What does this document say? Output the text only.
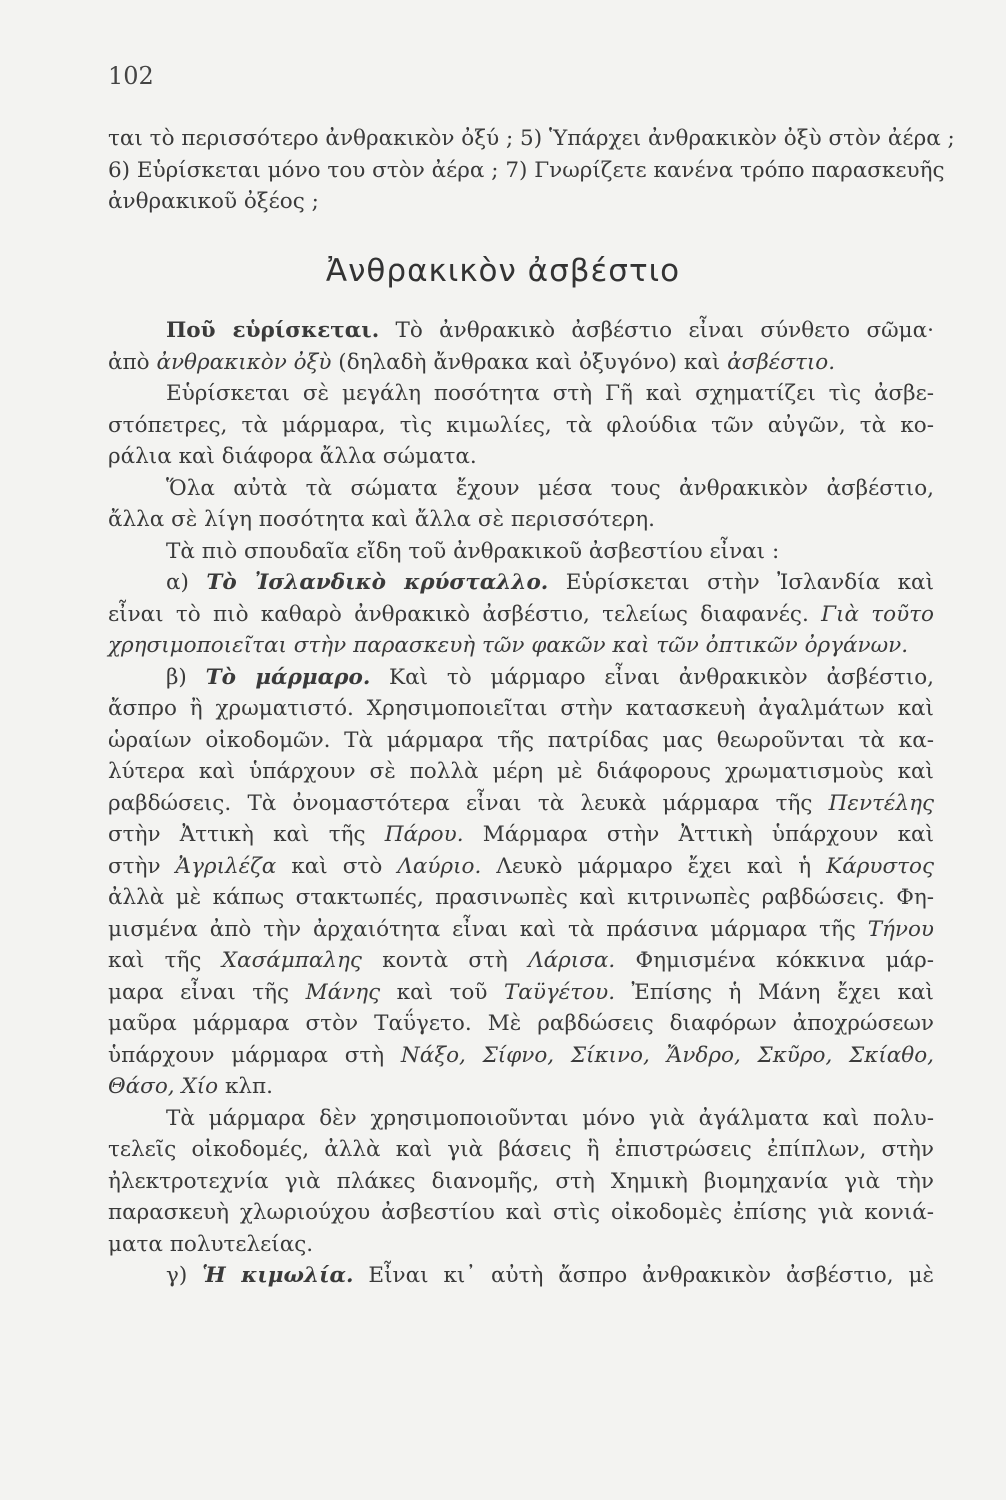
102
ται τὸ περισσότερο ἀνθρακικὸν ὀξύ ; 5) Ὑπάρχει ἀνθρακικὸν ὀξὺ στὸν ἀέρα ;
6) Εὑρίσκεται μόνο του στὸν ἀέρα ; 7) Γνωρίζετε κανένα τρόπο παρασκευῆς
ἀνθρακικοῦ ὀξέος ;
Ἀνθρακικὸν ἀσβέστιο
Ποῦ εὑρίσκεται. Τὸ ἀνθρακικὸ ἀσβέστιο εἶναι σύνθετο σῶμα·
ἀπὸ ἀνθρακικὸν ὀξὺ (δηλαδὴ ἄνθρακα καὶ ὀξυγόνο) καὶ ἀσβέστιο.
Εὑρίσκεται σὲ μεγάλη ποσότητα στὴ Γῆ καὶ σχηματίζει τὶς ἀσβε-
στόπετρες, τὰ μάρμαρα, τὶς κιμωλίες, τὰ φλούδια τῶν αὐγῶν, τὰ κο-
ράλια καὶ διάφορα ἄλλα σώματα.
Ὅλα αὐτὰ τὰ σώματα ἔχουν μέσα τους ἀνθρακικὸν ἀσβέστιο,
ἄλλα σὲ λίγη ποσότητα καὶ ἄλλα σὲ περισσότερη.
Τὰ πιὸ σπουδαῖα εἴδη τοῦ ἀνθρακικοῦ ἀσβεστίου εἶναι :
α) Τὸ Ἰσλανδικὸ κρύσταλλο. Εὑρίσκεται στὴν Ἰσλανδία καὶ
εἶναι τὸ πιὸ καθαρὸ ἀνθρακικὸ ἀσβέστιο, τελείως διαφανές. Γιὰ τοῦτο
χρησιμοποιεῖται στὴν παρασκευὴ τῶν φακῶν καὶ τῶν ὀπτικῶν ὀργάνων.
β) Τὸ μάρμαρο. Καὶ τὸ μάρμαρο εἶναι ἀνθρακικὸν ἀσβέστιο,
ἄσπρο ἢ χρωματιστό. Χρησιμοποιεῖται στὴν κατασκευὴ ἀγαλμάτων καὶ
ὡραίων οἰκοδομῶν. Τὰ μάρμαρα τῆς πατρίδας μας θεωροῦνται τὰ κα-
λύτερα καὶ ὑπάρχουν σὲ πολλὰ μέρη μὲ διάφορους χρωματισμοὺς καὶ
ραβδώσεις. Τὰ ὀνομαστότερα εἶναι τὰ λευκὰ μάρμαρα τῆς Πεντέλης
στὴν Ἀττικὴ καὶ τῆς Πάρου. Μάρμαρα στὴν Ἀττικὴ ὑπάρχουν καὶ
στὴν Ἀγριλέζα καὶ στὸ Λαύριο. Λευκὸ μάρμαρο ἔχει καὶ ἡ Κάρυστος
ἀλλὰ μὲ κάπως στακτωπές, πρασινωπὲς καὶ κιτρινωπὲς ραβδώσεις. Φη-
μισμένα ἀπὸ τὴν ἀρχαιότητα εἶναι καὶ τὰ πράσινα μάρμαρα τῆς Τήνου
καὶ τῆς Χασάμπαλης κοντὰ στὴ Λάρισα. Φημισμένα κόκκινα μάρ-
μαρα εἶναι τῆς Μάνης καὶ τοῦ Ταϋγέτου. Ἐπίσης ἡ Μάνη ἔχει καὶ
μαῦρα μάρμαρα στὸν Ταΰγετο. Μὲ ραβδώσεις διαφόρων ἀποχρώσεων
ὑπάρχουν μάρμαρα στὴ Νάξο, Σίφνο, Σίκινο, Ἄνδρο, Σκῦρο, Σκίαθο,
Θάσο, Χίο κλπ.
Τὰ μάρμαρα δὲν χρησιμοποιοῦνται μόνο γιὰ ἀγάλματα καὶ πολυ-
τελεῖς οἰκοδομές, ἀλλὰ καὶ γιὰ βάσεις ἢ ἐπιστρώσεις ἐπίπλων, στὴν
ἠλεκτροτεχνία γιὰ πλάκες διανομῆς, στὴ Χημικὴ βιομηχανία γιὰ τὴν
παρασκευὴ χλωριούχου ἀσβεστίου καὶ στὶς οἰκοδομὲς ἐπίσης γιὰ κονιά-
ματα πολυτελείας.
γ) Ἡ κιμωλία. Εἶναι κι᾽ αὐτὴ ἄσπρο ἀνθρακικὸν ἀσβέστιο, μὲ
